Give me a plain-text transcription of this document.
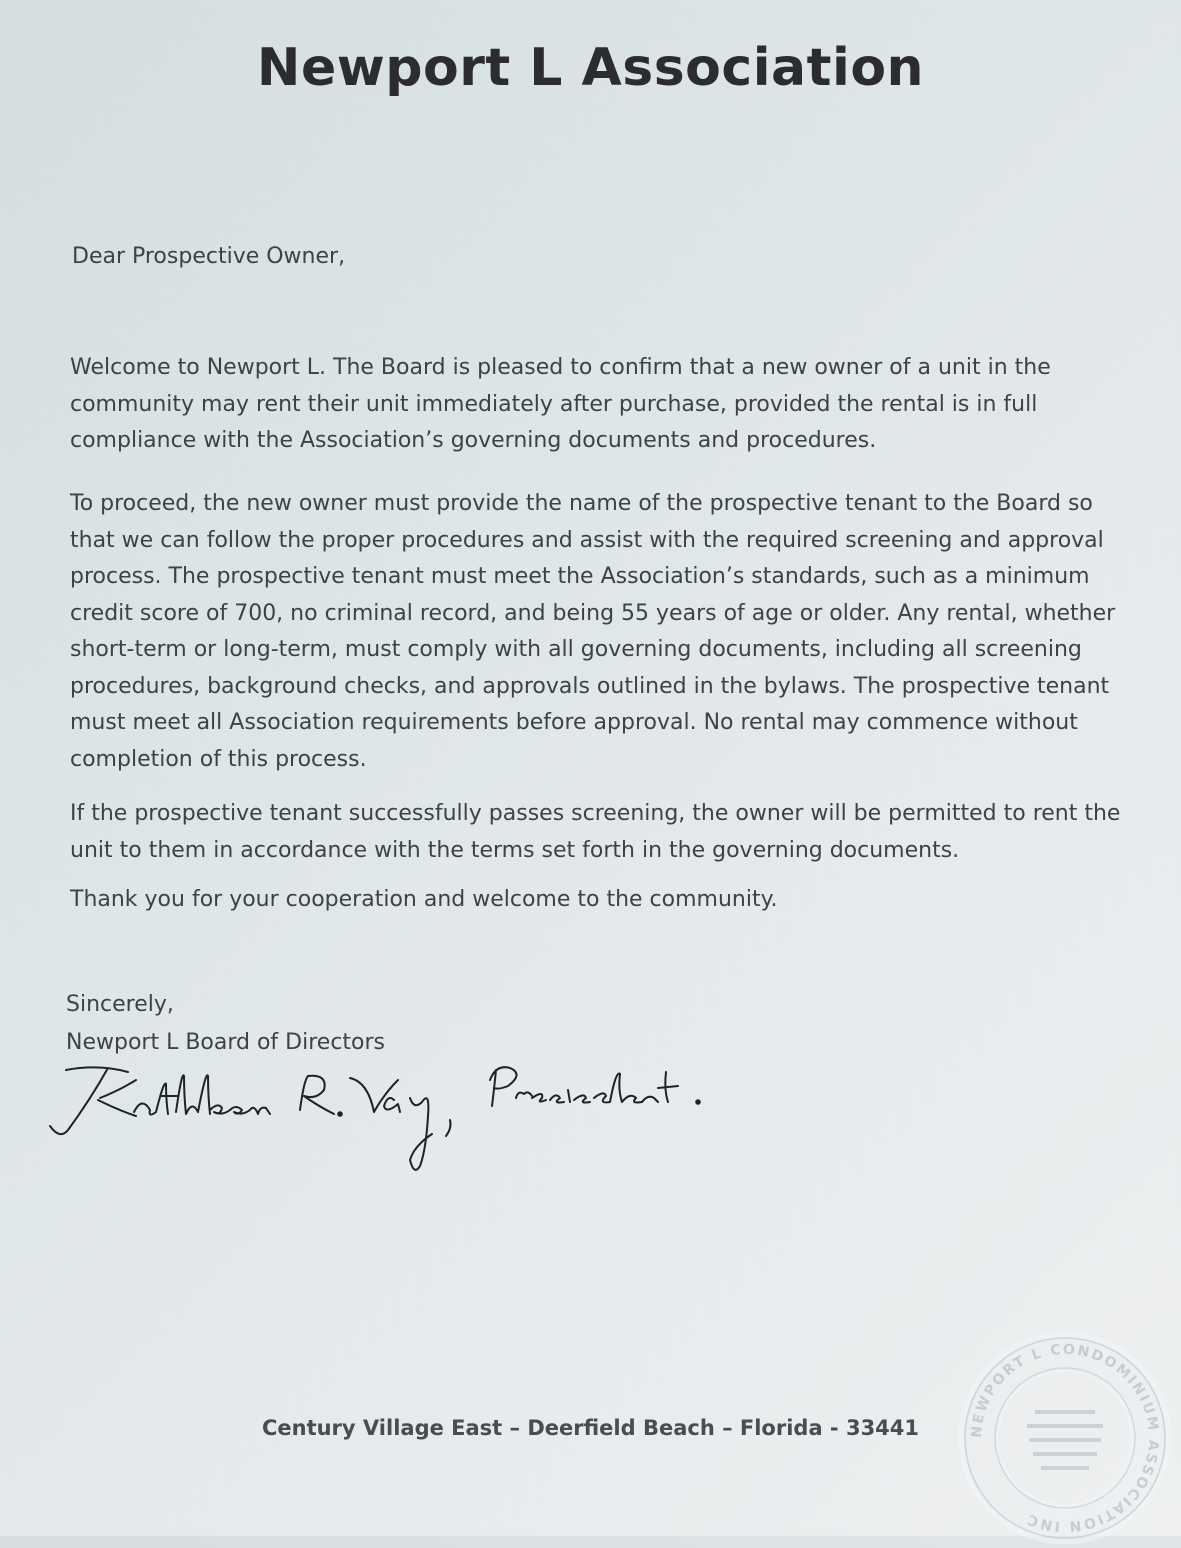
Newport L Association
Dear Prospective Owner,

Welcome to Newport L. The Board is pleased to confirm that a new owner of a unit in the community may rent their unit immediately after purchase, provided the rental is in full compliance with the Association’s governing documents and procedures.

To proceed, the new owner must provide the name of the prospective tenant to the Board so that we can follow the proper procedures and assist with the required screening and approval process. The prospective tenant must meet the Association’s standards, such as a minimum credit score of 700, no criminal record, and being 55 years of age or older. Any rental, whether short-term or long-term, must comply with all governing documents, including all screening procedures, background checks, and approvals outlined in the bylaws. The prospective tenant must meet all Association requirements before approval. No rental may commence without completion of this process.

If the prospective tenant successfully passes screening, the owner will be permitted to rent the unit to them in accordance with the terms set forth in the governing documents.

Thank you for your cooperation and welcome to the community.

Sincerely,
Newport L Board of Directors
Century Village East – Deerfield Beach – Florida - 33441	NEWPORT L CONDOMINIUM ASSOCIATION INC
